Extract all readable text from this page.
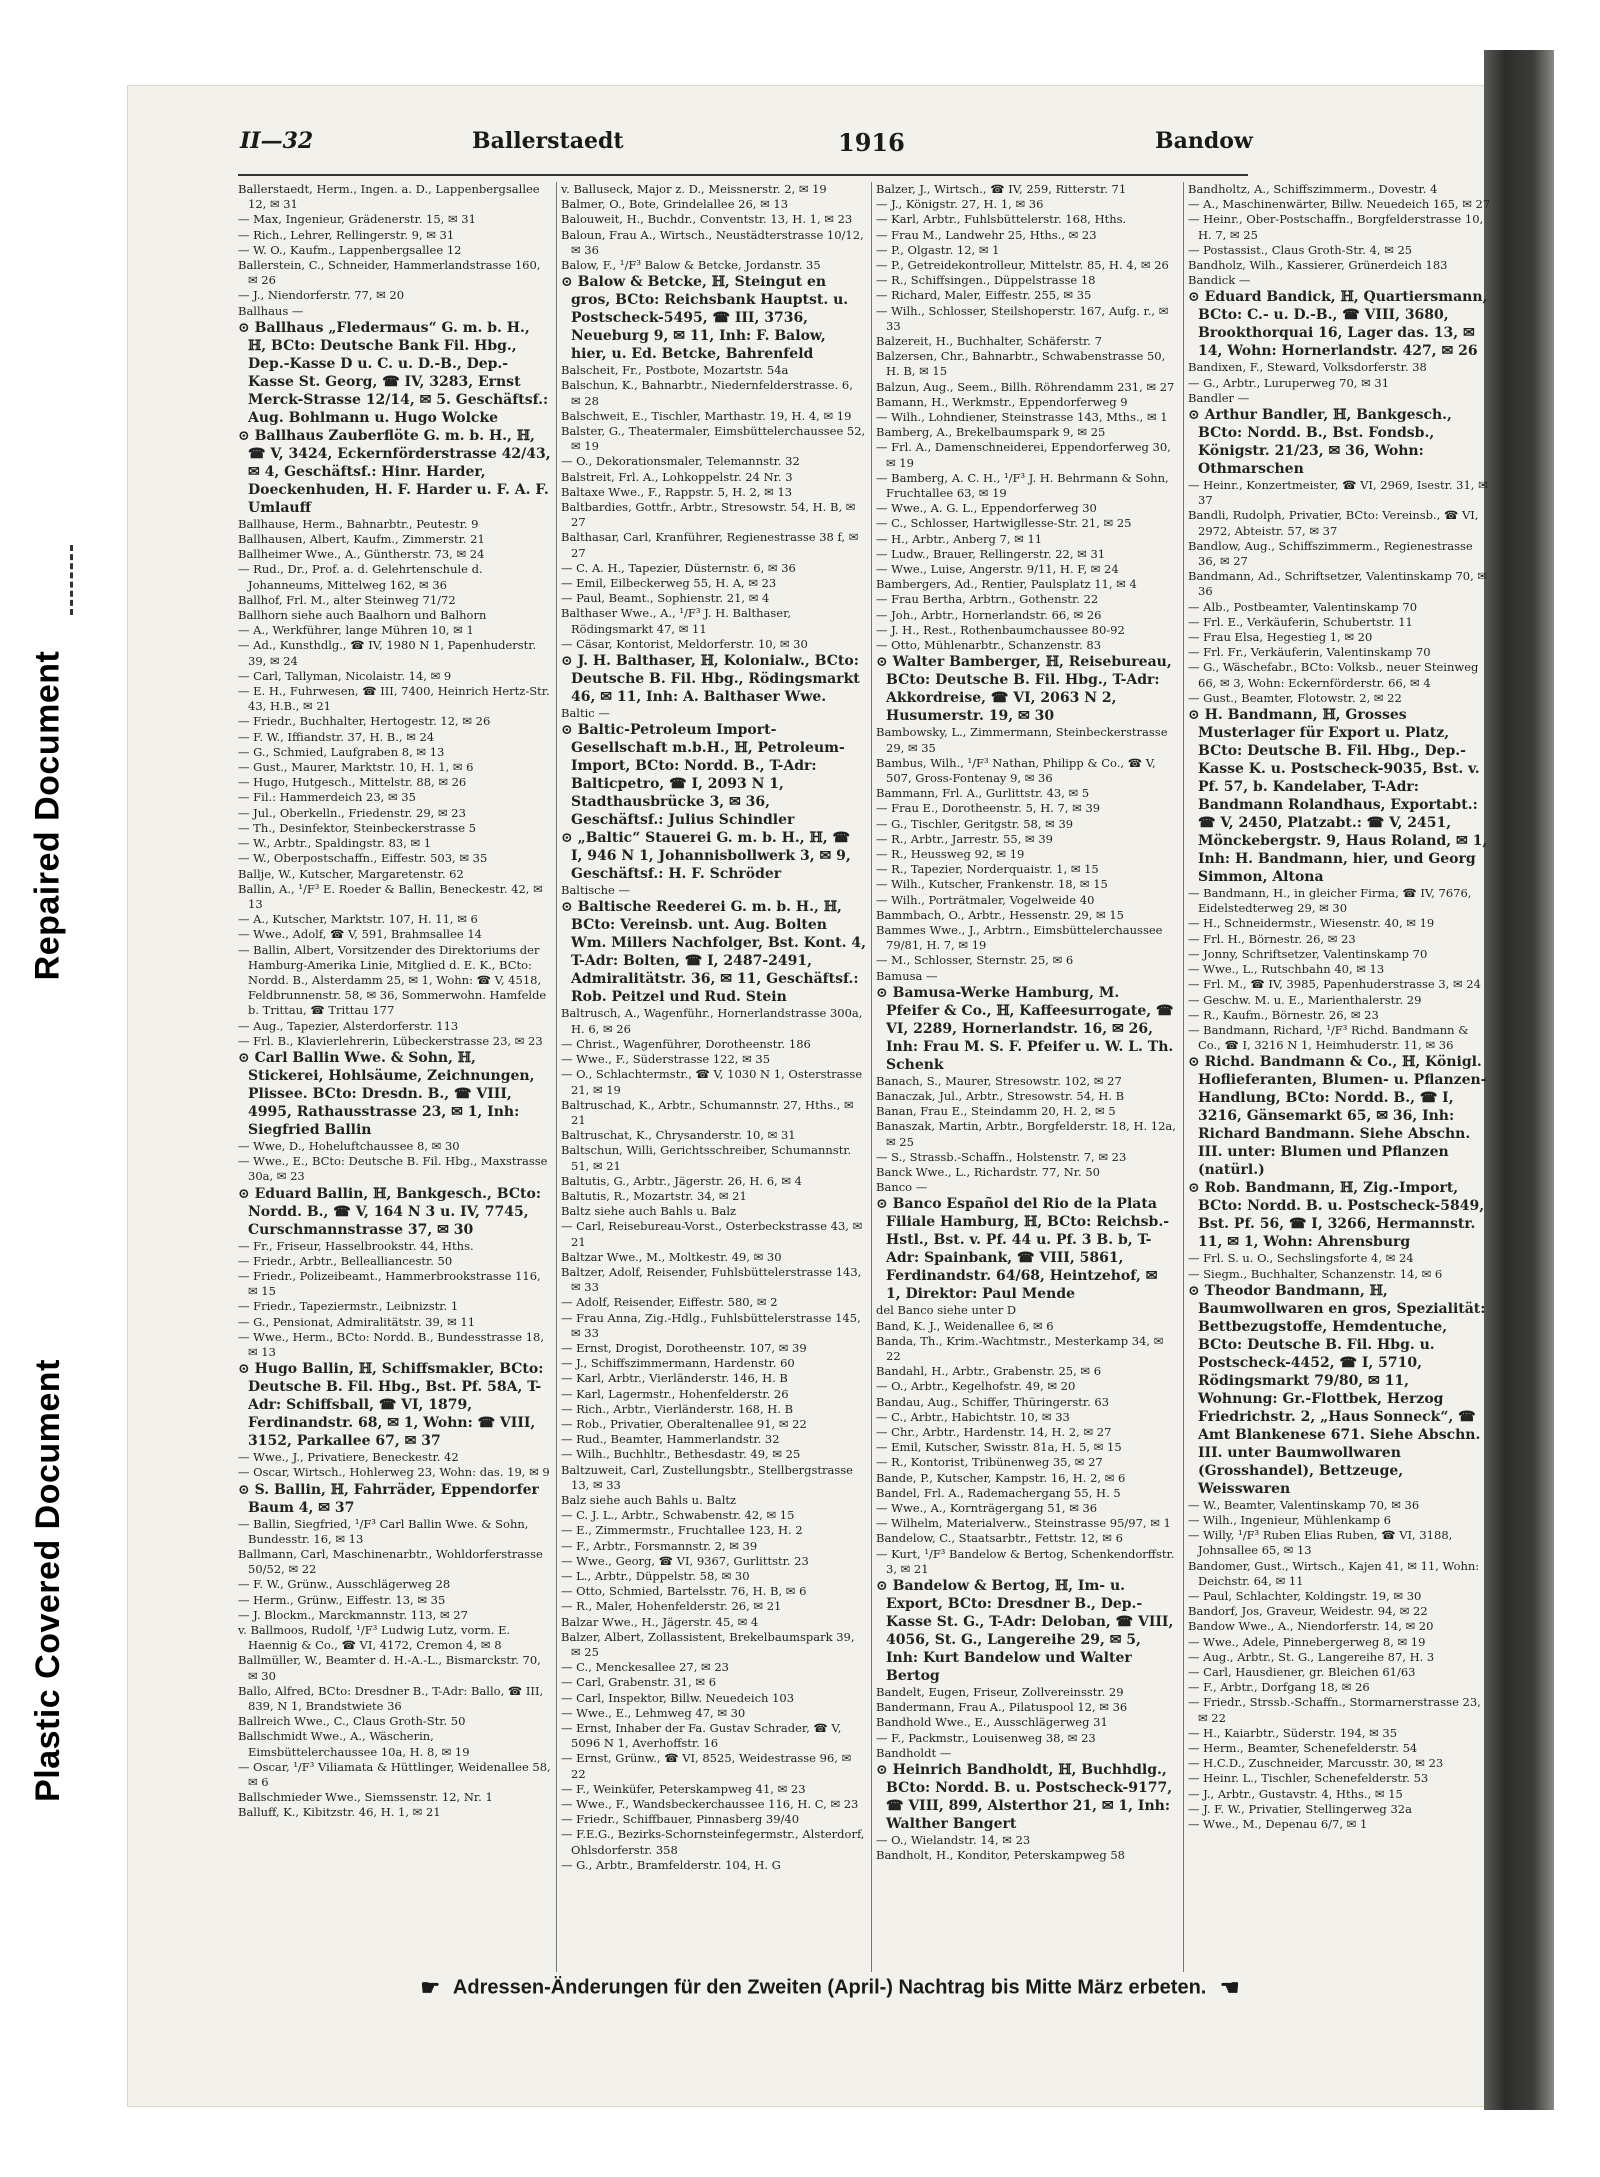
Repaired Document
Plastic Covered Document
II—32	Ballerstaedt	1916	Bandow

Ballerstaedt, Herm., Ingen. a. D., Lappenbergsallee 12, ✉ 31

— Max, Ingenieur, Grädenerstr. 15, ✉ 31

— Rich., Lehrer, Rellingerstr. 9, ✉ 31

— W. O., Kaufm., Lappenbergsallee 12

Ballerstein, C., Schneider, Hammerlandstrasse 160, ✉ 26

— J., Niendorferstr. 77, ✉ 20

Ballhaus —

⊙ Ballhaus „Fledermaus“ G. m. b. H., ℍ, BCto: Deutsche Bank Fil. Hbg., Dep.-Kasse D u. C. u. D.-B., Dep.-Kasse St. Georg, ☎ IV, 3283, Ernst Merck-Strasse 12/14, ✉ 5. Geschäftsf.: Aug. Bohlmann u. Hugo Wolcke

⊙ Ballhaus Zauberflöte G. m. b. H., ℍ, ☎ V, 3424, Eckernförderstrasse 42/43, ✉ 4, Geschäftsf.: Hinr. Harder, Doeckenhuden, H. F. Harder u. F. A. F. Umlauff

Ballhause, Herm., Bahnarbtr., Peutestr. 9

Ballhausen, Albert, Kaufm., Zimmerstr. 21

Ballheimer Wwe., A., Güntherstr. 73, ✉ 24

— Rud., Dr., Prof. a. d. Gelehrtenschule d. Johanneums, Mittelweg 162, ✉ 36

Ballhof, Frl. M., alter Steinweg 71/72

Ballhorn siehe auch Baalhorn und Balhorn

— A., Werkführer, lange Mühren 10, ✉ 1

— Ad., Kunsthdlg., ☎ IV, 1980 N 1, Papenhuderstr. 39, ✉ 24

— Carl, Tallyman, Nicolaistr. 14, ✉ 9

— E. H., Fuhrwesen, ☎ III, 7400, Heinrich Hertz-Str. 43, H.B., ✉ 21

— Friedr., Buchhalter, Hertogestr. 12, ✉ 26

— F. W., Iffiandstr. 37, H. B., ✉ 24

— G., Schmied, Laufgraben 8, ✉ 13

— Gust., Maurer, Marktstr. 10, H. 1, ✉ 6

— Hugo, Hutgesch., Mittelstr. 88, ✉ 26

— Fil.: Hammerdeich 23, ✉ 35

— Jul., Oberkelln., Friedenstr. 29, ✉ 23

— Th., Desinfektor, Steinbeckerstrasse 5

— W., Arbtr., Spaldingstr. 83, ✉ 1

— W., Oberpostschaffn., Eiffestr. 503, ✉ 35

Ballje, W., Kutscher, Margaretenstr. 62

Ballin, A., ¹/F³ E. Roeder & Ballin, Beneckestr. 42, ✉ 13

— A., Kutscher, Marktstr. 107, H. 11, ✉ 6

— Wwe., Adolf, ☎ V, 591, Brahmsallee 14

— Ballin, Albert, Vorsitzender des Direktoriums der Hamburg-Amerika Linie, Mitglied d. E. K., BCto: Nordd. B., Alsterdamm 25, ✉ 1, Wohn: ☎ V, 4518, Feldbrunnenstr. 58, ✉ 36, Sommerwohn. Hamfelde b. Trittau, ☎ Trittau 177

— Aug., Tapezier, Alsterdorferstr. 113

— Frl. B., Klavierlehrerin, Lübeckerstrasse 23, ✉ 23

⊙ Carl Ballin Wwe. & Sohn, ℍ, Stickerei, Hohlsäume, Zeichnungen, Plissee. BCto: Dresdn. B., ☎ VIII, 4995, Rathausstrasse 23, ✉ 1, Inh: Siegfried Ballin

— Wwe, D., Hoheluftchaussee 8, ✉ 30

— Wwe., E., BCto: Deutsche B. Fil. Hbg., Maxstrasse 30a, ✉ 23

⊙ Eduard Ballin, ℍ, Bankgesch., BCto: Nordd. B., ☎ V, 164 N 3 u. IV, 7745, Curschmannstrasse 37, ✉ 30

— Fr., Friseur, Hasselbrookstr. 44, Hths.

— Friedr., Arbtr., Bellealliancestr. 50

— Friedr., Polizeibeamt., Hammerbrookstrasse 116, ✉ 15

— Friedr., Tapeziermstr., Leibnizstr. 1

— G., Pensionat, Admiralitätstr. 39, ✉ 11

— Wwe., Herm., BCto: Nordd. B., Bundesstrasse 18, ✉ 13

⊙ Hugo Ballin, ℍ, Schiffsmakler, BCto: Deutsche B. Fil. Hbg., Bst. Pf. 58A, T-Adr: Schiffsball, ☎ VI, 1879, Ferdinandstr. 68, ✉ 1, Wohn: ☎ VIII, 3152, Parkallee 67, ✉ 37

— Wwe., J., Privatiere, Beneckestr. 42

— Oscar, Wirtsch., Hohlerweg 23, Wohn: das. 19, ✉ 9

⊙ S. Ballin, ℍ, Fahrräder, Eppendorfer Baum 4, ✉ 37

— Ballin, Siegfried, ¹/F³ Carl Ballin Wwe. & Sohn, Bundesstr. 16, ✉ 13

Ballmann, Carl, Maschinenarbtr., Wohldorferstrasse 50/52, ✉ 22

— F. W., Grünw., Ausschlägerweg 28

— Herm., Grünw., Eiffestr. 13, ✉ 35

— J. Blockm., Marckmannstr. 113, ✉ 27

v. Ballmoos, Rudolf, ¹/F³ Ludwig Lutz, vorm. E. Haennig & Co., ☎ VI, 4172, Cremon 4, ✉ 8

Ballmüller, W., Beamter d. H.-A.-L., Bismarckstr. 70, ✉ 30

Ballo, Alfred, BCto: Dresdner B., T-Adr: Ballo, ☎ III, 839, N 1, Brandstwiete 36

Ballreich Wwe., C., Claus Groth-Str. 50

Ballschmidt Wwe., A., Wäscherin, Eimsbüttelerchaussee 10a, H. 8, ✉ 19

— Oscar, ¹/F³ Viliamata & Hüttlinger, Weidenallee 58, ✉ 6

Ballschmieder Wwe., Siemssenstr. 12, Nr. 1

Balluff, K., Kibitzstr. 46, H. 1, ✉ 21

v. Balluseck, Major z. D., Meissnerstr. 2, ✉ 19

Balmer, O., Bote, Grindelallee 26, ✉ 13

Balouweit, H., Buchdr., Conventstr. 13, H. 1, ✉ 23

Baloun, Frau A., Wirtsch., Neustädterstrasse 10/12, ✉ 36

Balow, F., ¹/F³ Balow & Betcke, Jordanstr. 35

⊙ Balow & Betcke, ℍ, Steingut en gros, BCto: Reichsbank Hauptst. u. Postscheck-5495, ☎ III, 3736, Neueburg 9, ✉ 11, Inh: F. Balow, hier, u. Ed. Betcke, Bahrenfeld

Balscheit, Fr., Postbote, Mozartstr. 54a

Balschun, K., Bahnarbtr., Niedernfelderstrasse. 6, ✉ 28

Balschweit, E., Tischler, Marthastr. 19, H. 4, ✉ 19

Balster, G., Theatermaler, Eimsbüttelerchaussee 52, ✉ 19

— O., Dekorationsmaler, Telemannstr. 32

Balstreit, Frl. A., Lohkoppelstr. 24 Nr. 3

Baltaxe Wwe., F., Rappstr. 5, H. 2, ✉ 13

Baltbardies, Gottfr., Arbtr., Stresowstr. 54, H. B, ✉ 27

Balthasar, Carl, Kranführer, Regienestrasse 38 f, ✉ 27

— C. A. H., Tapezier, Düsternstr. 6, ✉ 36

— Emil, Eilbeckerweg 55, H. A, ✉ 23

— Paul, Beamt., Sophienstr. 21, ✉ 4

Balthaser Wwe., A., ¹/F³ J. H. Balthaser, Rödingsmarkt 47, ✉ 11

— Cäsar, Kontorist, Meldorferstr. 10, ✉ 30

⊙ J. H. Balthaser, ℍ, Kolonialw., BCto: Deutsche B. Fil. Hbg., Rödingsmarkt 46, ✉ 11, Inh: A. Balthaser Wwe.

Baltic —

⊙ Baltic-Petroleum Import-Gesellschaft m.b.H., ℍ, Petroleum-Import, BCto: Nordd. B., T-Adr: Balticpetro, ☎ I, 2093 N 1, Stadthausbrücke 3, ✉ 36, Geschäftsf.: Julius Schindler

⊙ „Baltic“ Stauerei G. m. b. H., ℍ, ☎ I, 946 N 1, Johannisbollwerk 3, ✉ 9, Geschäftsf.: H. F. Schröder

Baltische —

⊙ Baltische Reederei G. m. b. H., ℍ, BCto: Vereinsb. unt. Aug. Bolten Wm. Millers Nachfolger, Bst. Kont. 4, T-Adr: Bolten, ☎ I, 2487-2491, Admiralitätstr. 36, ✉ 11, Geschäftsf.: Rob. Peitzel und Rud. Stein

Baltrusch, A., Wagenführ., Hornerlandstrasse 300a, H. 6, ✉ 26

— Christ., Wagenführer, Dorotheenstr. 186

— Wwe., F., Süderstrasse 122, ✉ 35

— O., Schlachtermstr., ☎ V, 1030 N 1, Osterstrasse 21, ✉ 19

Baltruschad, K., Arbtr., Schumannstr. 27, Hths., ✉ 21

Baltruschat, K., Chrysanderstr. 10, ✉ 31

Baltschun, Willi, Gerichtsschreiber, Schumannstr. 51, ✉ 21

Baltutis, G., Arbtr., Jägerstr. 26, H. 6, ✉ 4

Baltutis, R., Mozartstr. 34, ✉ 21

Baltz siehe auch Bahls u. Balz

— Carl, Reisebureau-Vorst., Osterbeckstrasse 43, ✉ 21

Baltzar Wwe., M., Moltkestr. 49, ✉ 30

Baltzer, Adolf, Reisender, Fuhlsbüttelerstrasse 143, ✉ 33

— Adolf, Reisender, Eiffestr. 580, ✉ 2

— Frau Anna, Zig.-Hdlg., Fuhlsbüttelerstrasse 145, ✉ 33

— Ernst, Drogist, Dorotheenstr. 107, ✉ 39

— J., Schiffszimmermann, Hardenstr. 60

— Karl, Arbtr., Vierländerstr. 146, H. B

— Karl, Lagermstr., Hohenfelderstr. 26

— Rich., Arbtr., Vierländerstr. 168, H. B

— Rob., Privatier, Oberaltenallee 91, ✉ 22

— Rud., Beamter, Hammerlandstr. 32

— Wilh., Buchhltr., Bethesdastr. 49, ✉ 25

Baltzuweit, Carl, Zustellungsbtr., Stellbergstrasse 13, ✉ 33

Balz siehe auch Bahls u. Baltz

— C. J. L., Arbtr., Schwabenstr. 42, ✉ 15

— E., Zimmermstr., Fruchtallee 123, H. 2

— F., Arbtr., Forsmannstr. 2, ✉ 39

— Wwe., Georg, ☎ VI, 9367, Gurlittstr. 23

— L., Arbtr., Düppelstr. 58, ✉ 30

— Otto, Schmied, Bartelsstr. 76, H. B, ✉ 6

— R., Maler, Hohenfelderstr. 26, ✉ 21

Balzar Wwe., H., Jägerstr. 45, ✉ 4

Balzer, Albert, Zollassistent, Brekelbaumspark 39, ✉ 25

— C., Menckesallee 27, ✉ 23

— Carl, Grabenstr. 31, ✉ 6

— Carl, Inspektor, Billw. Neuedeich 103

— Wwe., E., Lehmweg 47, ✉ 30

— Ernst, Inhaber der Fa. Gustav Schrader, ☎ V, 5096 N 1, Averhoffstr. 16

— Ernst, Grünw., ☎ VI, 8525, Weidestrasse 96, ✉ 22

— F., Weinküfer, Peterskampweg 41, ✉ 23

— Wwe., F., Wandsbeckerchaussee 116, H. C, ✉ 23

— Friedr., Schiffbauer, Pinnasberg 39/40

— F.E.G., Bezirks-Schornsteinfegermstr., Alsterdorf, Ohlsdorferstr. 358

— G., Arbtr., Bramfelderstr. 104, H. G

Balzer, J., Wirtsch., ☎ IV, 259, Ritterstr. 71

— J., Königstr. 27, H. 1, ✉ 36

— Karl, Arbtr., Fuhlsbüttelerstr. 168, Hths.

— Frau M., Landwehr 25, Hths., ✉ 23

— P., Olgastr. 12, ✉ 1

— P., Getreidekontrolleur, Mittelstr. 85, H. 4, ✉ 26

— R., Schiffsingen., Düppelstrasse 18

— Richard, Maler, Eiffestr. 255, ✉ 35

— Wilh., Schlosser, Steilshoperstr. 167, Aufg. r., ✉ 33

Balzereit, H., Buchhalter, Schäferstr. 7

Balzersen, Chr., Bahnarbtr., Schwabenstrasse 50, H. B, ✉ 15

Balzun, Aug., Seem., Billh. Röhrendamm 231, ✉ 27

Bamann, H., Werkmstr., Eppendorferweg 9

— Wilh., Lohndiener, Steinstrasse 143, Mths., ✉ 1

Bamberg, A., Brekelbaumspark 9, ✉ 25

— Frl. A., Damenschneiderei, Eppendorferweg 30, ✉ 19

— Bamberg, A. C. H., ¹/F³ J. H. Behrmann & Sohn, Fruchtallee 63, ✉ 19

— Wwe., A. G. L., Eppendorferweg 30

— C., Schlosser, Hartwigllesse-Str. 21, ✉ 25

— H., Arbtr., Anberg 7, ✉ 11

— Ludw., Brauer, Rellingerstr. 22, ✉ 31

— Wwe., Luise, Angerstr. 9/11, H. F, ✉ 24

Bambergers, Ad., Rentier, Paulsplatz 11, ✉ 4

— Frau Bertha, Arbtrn., Gothenstr. 22

— Joh., Arbtr., Hornerlandstr. 66, ✉ 26

— J. H., Rest., Rothenbaumchaussee 80-92

— Otto, Mühlenarbtr., Schanzenstr. 83

⊙ Walter Bamberger, ℍ, Reisebureau, BCto: Deutsche B. Fil. Hbg., T-Adr: Akkordreise, ☎ VI, 2063 N 2, Husumerstr. 19, ✉ 30

Bambowsky, L., Zimmermann, Steinbeckerstrasse 29, ✉ 35

Bambus, Wilh., ¹/F³ Nathan, Philipp & Co., ☎ V, 507, Gross-Fontenay 9, ✉ 36

Bammann, Frl. A., Gurlittstr. 43, ✉ 5

— Frau E., Dorotheenstr. 5, H. 7, ✉ 39

— G., Tischler, Geritgstr. 58, ✉ 39

— R., Arbtr., Jarrestr. 55, ✉ 39

— R., Heussweg 92, ✉ 19

— R., Tapezier, Norderquaistr. 1, ✉ 15

— Wilh., Kutscher, Frankenstr. 18, ✉ 15

— Wilh., Porträtmaler, Vogelweide 40

Bammbach, O., Arbtr., Hessenstr. 29, ✉ 15

Bammes Wwe., J., Arbtrn., Eimsbüttelerchaussee 79/81, H. 7, ✉ 19

— M., Schlosser, Sternstr. 25, ✉ 6

Bamusa —

⊙ Bamusa-Werke Hamburg, M. Pfeifer & Co., ℍ, Kaffeesurrogate, ☎ VI, 2289, Hornerlandstr. 16, ✉ 26, Inh: Frau M. S. F. Pfeifer u. W. L. Th. Schenk

Banach, S., Maurer, Stresowstr. 102, ✉ 27

Banaczak, Jul., Arbtr., Stresowstr. 54, H. B

Banan, Frau E., Steindamm 20, H. 2, ✉ 5

Banaszak, Martin, Arbtr., Borgfelderstr. 18, H. 12a, ✉ 25

— S., Strassb.-Schaffn., Holstenstr. 7, ✉ 23

Banck Wwe., L., Richardstr. 77, Nr. 50

Banco —

⊙ Banco Español del Rio de la Plata Filiale Hamburg, ℍ, BCto: Reichsb.-Hstl., Bst. v. Pf. 44 u. Pf. 3 B. b, T-Adr: Spainbank, ☎ VIII, 5861, Ferdinandstr. 64/68, Heintzehof, ✉ 1, Direktor: Paul Mende

del Banco siehe unter D

Band, K. J., Weidenallee 6, ✉ 6

Banda, Th., Krim.-Wachtmstr., Mesterkamp 34, ✉ 22

Bandahl, H., Arbtr., Grabenstr. 25, ✉ 6

— O., Arbtr., Kegelhofstr. 49, ✉ 20

Bandau, Aug., Schiffer, Thüringerstr. 63

— C., Arbtr., Habichtstr. 10, ✉ 33

— Chr., Arbtr., Hardenstr. 14, H. 2, ✉ 27

— Emil, Kutscher, Swisstr. 81a, H. 5, ✉ 15

— R., Kontorist, Tribünenweg 35, ✉ 27

Bande, P., Kutscher, Kampstr. 16, H. 2, ✉ 6

Bandel, Frl. A., Rademachergang 55, H. 5

— Wwe., A., Kornträgergang 51, ✉ 36

— Wilhelm, Materialverw., Steinstrasse 95/97, ✉ 1

Bandelow, C., Staatsarbtr., Fettstr. 12, ✉ 6

— Kurt, ¹/F³ Bandelow & Bertog, Schenkendorffstr. 3, ✉ 21

⊙ Bandelow & Bertog, ℍ, Im- u. Export, BCto: Dresdner B., Dep.-Kasse St. G., T-Adr: Deloban, ☎ VIII, 4056, St. G., Langereihe 29, ✉ 5, Inh: Kurt Bandelow und Walter Bertog

Bandelt, Eugen, Friseur, Zollvereinsstr. 29

Bandermann, Frau A., Pilatuspool 12, ✉ 36

Bandhold Wwe., E., Ausschlägerweg 31

— F., Packmstr., Louisenweg 38, ✉ 23

Bandholdt —

⊙ Heinrich Bandholdt, ℍ, Buchhdlg., BCto: Nordd. B. u. Postscheck-9177, ☎ VIII, 899, Alsterthor 21, ✉ 1, Inh: Walther Bangert

— O., Wielandstr. 14, ✉ 23

Bandholt, H., Konditor, Peterskampweg 58

Bandholtz, A., Schiffszimmerm., Dovestr. 4

— A., Maschinenwärter, Billw. Neuedeich 165, ✉ 27

— Heinr., Ober-Postschaffn., Borgfelderstrasse 10, H. 7, ✉ 25

— Postassist., Claus Groth-Str. 4, ✉ 25

Bandholz, Wilh., Kassierer, Grünerdeich 183

Bandick —

⊙ Eduard Bandick, ℍ, Quartiersmann, BCto: C.- u. D.-B., ☎ VIII, 3680, Brookthorquai 16, Lager das. 13, ✉ 14, Wohn: Hornerlandstr. 427, ✉ 26

Bandixen, F., Steward, Volksdorferstr. 38

— G., Arbtr., Luruperweg 70, ✉ 31

Bandler —

⊙ Arthur Bandler, ℍ, Bankgesch., BCto: Nordd. B., Bst. Fondsb., Königstr. 21/23, ✉ 36, Wohn: Othmarschen

— Heinr., Konzertmeister, ☎ VI, 2969, Isestr. 31, ✉ 37

Bandli, Rudolph, Privatier, BCto: Vereinsb., ☎ VI, 2972, Abteistr. 57, ✉ 37

Bandlow, Aug., Schiffszimmerm., Regienestrasse 36, ✉ 27

Bandmann, Ad., Schriftsetzer, Valentinskamp 70, ✉ 36

— Alb., Postbeamter, Valentinskamp 70

— Frl. E., Verkäuferin, Schubertstr. 11

— Frau Elsa, Hegestieg 1, ✉ 20

— Frl. Fr., Verkäuferin, Valentinskamp 70

— G., Wäschefabr., BCto: Volksb., neuer Steinweg 66, ✉ 3, Wohn: Eckernförderstr. 66, ✉ 4

— Gust., Beamter, Flotowstr. 2, ✉ 22

⊙ H. Bandmann, ℍ, Grosses Musterlager für Export u. Platz, BCto: Deutsche B. Fil. Hbg., Dep.-Kasse K. u. Postscheck-9035, Bst. v. Pf. 57, b. Kandelaber, T-Adr: Bandmann Rolandhaus, Exportabt.: ☎ V, 2450, Platzabt.: ☎ V, 2451, Mönckebergstr. 9, Haus Roland, ✉ 1, Inh: H. Bandmann, hier, und Georg Simmon, Altona

— Bandmann, H., in gleicher Firma, ☎ IV, 7676, Eidelstedterweg 29, ✉ 30

— H., Schneidermstr., Wiesenstr. 40, ✉ 19

— Frl. H., Börnestr. 26, ✉ 23

— Jonny, Schriftsetzer, Valentinskamp 70

— Wwe., L., Rutschbahn 40, ✉ 13

— Frl. M., ☎ IV, 3985, Papenhuderstrasse 3, ✉ 24

— Geschw. M. u. E., Marienthalerstr. 29

— R., Kaufm., Börnestr. 26, ✉ 23

— Bandmann, Richard, ¹/F³ Richd. Bandmann & Co., ☎ I, 3216 N 1, Heimhuderstr. 11, ✉ 36

⊙ Richd. Bandmann & Co., ℍ, Königl. Hoflieferanten, Blumen- u. Pflanzen-Handlung, BCto: Nordd. B., ☎ I, 3216, Gänsemarkt 65, ✉ 36, Inh: Richard Bandmann. Siehe Abschn. III. unter: Blumen und Pflanzen (natürl.)

⊙ Rob. Bandmann, ℍ, Zig.-Import, BCto: Nordd. B. u. Postscheck-5849, Bst. Pf. 56, ☎ I, 3266, Hermannstr. 11, ✉ 1, Wohn: Ahrensburg

— Frl. S. u. O., Sechslingsforte 4, ✉ 24

— Siegm., Buchhalter, Schanzenstr. 14, ✉ 6

⊙ Theodor Bandmann, ℍ, Baumwollwaren en gros, Spezialität: Bettbezugstoffe, Hemdentuche, BCto: Deutsche B. Fil. Hbg. u. Postscheck-4452, ☎ I, 5710, Rödingsmarkt 79/80, ✉ 11, Wohnung: Gr.-Flottbek, Herzog Friedrichstr. 2, „Haus Sonneck“, ☎ Amt Blankenese 671. Siehe Abschn. III. unter Baumwollwaren (Grosshandel), Bettzeuge, Weisswaren

— W., Beamter, Valentinskamp 70, ✉ 36

— Wilh., Ingenieur, Mühlenkamp 6

— Willy, ¹/F³ Ruben Elias Ruben, ☎ VI, 3188, Johnsallee 65, ✉ 13

Bandomer, Gust., Wirtsch., Kajen 41, ✉ 11, Wohn: Deichstr. 64, ✉ 11

— Paul, Schlachter, Koldingstr. 19, ✉ 30

Bandorf, Jos, Graveur, Weidestr. 94, ✉ 22

Bandow Wwe., A., Niendorferstr. 14, ✉ 20

— Wwe., Adele, Pinnebergerweg 8, ✉ 19

— Aug., Arbtr., St. G., Langereihe 87, H. 3

— Carl, Hausdiener, gr. Bleichen 61/63

— F., Arbtr., Dorfgang 18, ✉ 26

— Friedr., Strssb.-Schaffn., Stormarnerstrasse 23, ✉ 22

— H., Kaiarbtr., Süderstr. 194, ✉ 35

— Herm., Beamter, Schenefelderstr. 54

— H.C.D., Zuschneider, Marcusstr. 30, ✉ 23

— Heinr. L., Tischler, Schenefelderstr. 53

— J., Arbtr., Gustavstr. 4, Hths., ✉ 15

— J. F. W., Privatier, Stellingerweg 32a

— Wwe., M., Depenau 6/7, ✉ 1

☛ Adressen-Änderungen für den Zweiten (April-) Nachtrag bis Mitte März erbeten. ☚
